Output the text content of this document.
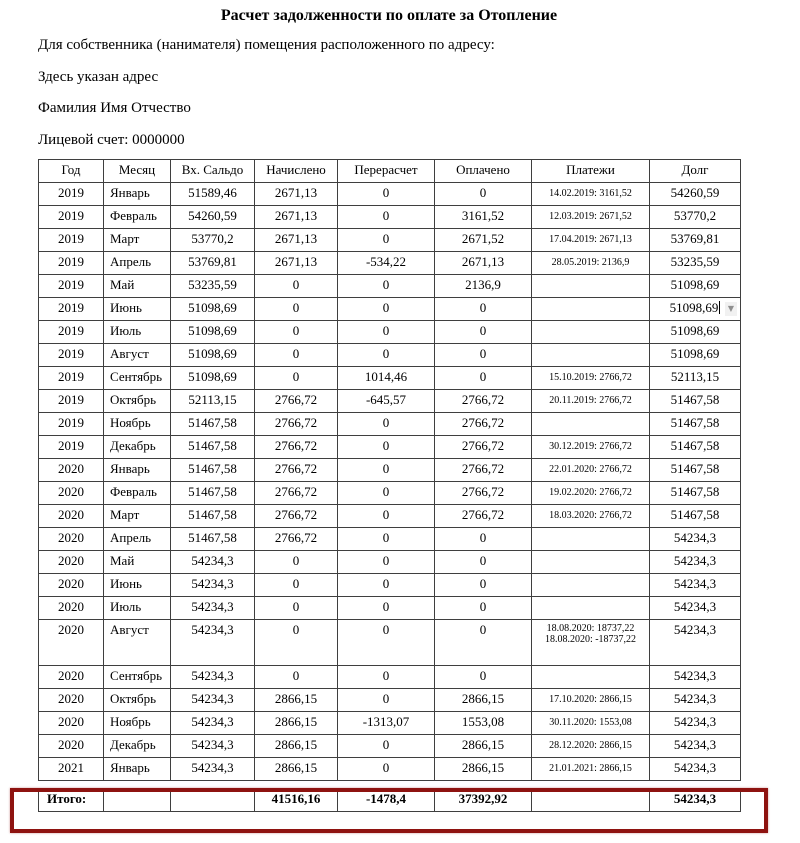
Расчет задолженности по оплате за Отопление

Для собственника (нанимателя) помещения расположенного по адресу:

Здесь указан адрес

Фамилия Имя Отчество

Лицевой счет: 0000000

Год	Месяц	Вх. Сальдо	Начислено	Перерасчет	Оплачено	Платежи	Долг
2019	Январь	51589,46	2671,13	0	0	14.02.2019: 3161,52	54260,59
2019	Февраль	54260,59	2671,13	0	3161,52	12.03.2019: 2671,52	53770,2
2019	Март	53770,2	2671,13	0	2671,52	17.04.2019: 2671,13	53769,81
2019	Апрель	53769,81	2671,13	-534,22	2671,13	28.05.2019: 2136,9	53235,59
2019	Май	53235,59	0	0	2136,9		51098,69
2019	Июнь	51098,69	0	0	0		51098,69 ▼

2019	Июль	51098,69	0	0	0		51098,69
2019	Август	51098,69	0	0	0		51098,69
2019	Сентябрь	51098,69	0	1014,46	0	15.10.2019: 2766,72	52113,15
2019	Октябрь	52113,15	2766,72	-645,57	2766,72	20.11.2019: 2766,72	51467,58
2019	Ноябрь	51467,58	2766,72	0	2766,72		51467,58
2019	Декабрь	51467,58	2766,72	0	2766,72	30.12.2019: 2766,72	51467,58
2020	Январь	51467,58	2766,72	0	2766,72	22.01.2020: 2766,72	51467,58
2020	Февраль	51467,58	2766,72	0	2766,72	19.02.2020: 2766,72	51467,58
2020	Март	51467,58	2766,72	0	2766,72	18.03.2020: 2766,72	51467,58
2020	Апрель	51467,58	2766,72	0	0		54234,3
2020	Май	54234,3	0	0	0		54234,3
2020	Июнь	54234,3	0	0	0		54234,3
2020	Июль	54234,3	0	0	0		54234,3
2020	Август	54234,3	0	0	0	18.08.2020: 18737,22
18.08.2020: -18737,22	54234,3
2020	Сентябрь	54234,3	0	0	0		54234,3
2020	Октябрь	54234,3	2866,15	0	2866,15	17.10.2020: 2866,15	54234,3
2020	Ноябрь	54234,3	2866,15	-1313,07	1553,08	30.11.2020: 1553,08	54234,3
2020	Декабрь	54234,3	2866,15	0	2866,15	28.12.2020: 2866,15	54234,3
2021	Январь	54234,3	2866,15	0	2866,15	21.01.2021: 2866,15	54234,3
Итого:			41516,16	-1478,4	37392,92		54234,3
